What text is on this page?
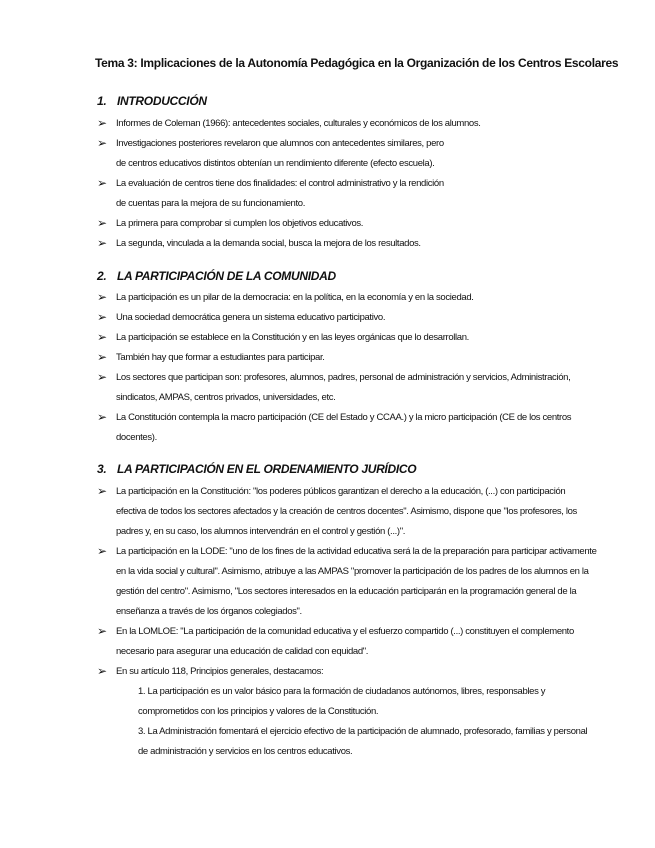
Tema 3: Implicaciones de la Autonomía Pedagógica en la Organización de los Centros Escolares
1. INTRODUCCIÓN
➢ Informes de Coleman (1966): antecedentes sociales, culturales y económicos de los alumnos.
➢ Investigaciones posteriores revelaron que alumnos con antecedentes similares, pero
de centros educativos distintos obtenían un rendimiento diferente (efecto escuela).
➢ La evaluación de centros tiene dos finalidades: el control administrativo y la rendición
de cuentas para la mejora de su funcionamiento.
➢ La primera para comprobar si cumplen los objetivos educativos.
➢ La segunda, vinculada a la demanda social, busca la mejora de los resultados.
2. LA PARTICIPACIÓN DE LA COMUNIDAD
➢ La participación es un pilar de la democracia: en la política, en la economía y en la sociedad.
➢ Una sociedad democrática genera un sistema educativo participativo.
➢ La participación se establece en la Constitución y en las leyes orgánicas que lo desarrollan.
➢ También hay que formar a estudiantes para participar.
➢ Los sectores que participan son: profesores, alumnos, padres, personal de administración y servicios, Administración,
sindicatos, AMPAS, centros privados, universidades, etc.
➢ La Constitución contempla la macro participación (CE del Estado y CCAA.) y la micro participación (CE de los centros
docentes).
3. LA PARTICIPACIÓN EN EL ORDENAMIENTO JURÍDICO
➢ La participación en la Constitución: "los poderes públicos garantizan el derecho a la educación, (...) con participación
efectiva de todos los sectores afectados y la creación de centros docentes". Asimismo, dispone que "los profesores, los
padres y, en su caso, los alumnos intervendrán en el control y gestión (...)".
➢ La participación en la LODE: "uno de los fines de la actividad educativa será la de la preparación para participar activamente
en la vida social y cultural". Asimismo, atribuye a las AMPAS "promover la participación de los padres de los alumnos en la
gestión del centro". Asimismo, "Los sectores interesados en la educación participarán en la programación general de la
enseñanza a través de los órganos colegiados".
➢ En la LOMLOE: "La participación de la comunidad educativa y el esfuerzo compartido (...) constituyen el complemento
necesario para asegurar una educación de calidad con equidad".
➢ En su artículo 118, Principios generales, destacamos:
1. La participación es un valor básico para la formación de ciudadanos autónomos, libres, responsables y
comprometidos con los principios y valores de la Constitución.
3. La Administración fomentará el ejercicio efectivo de la participación de alumnado, profesorado, familias y personal
de administración y servicios en los centros educativos.
